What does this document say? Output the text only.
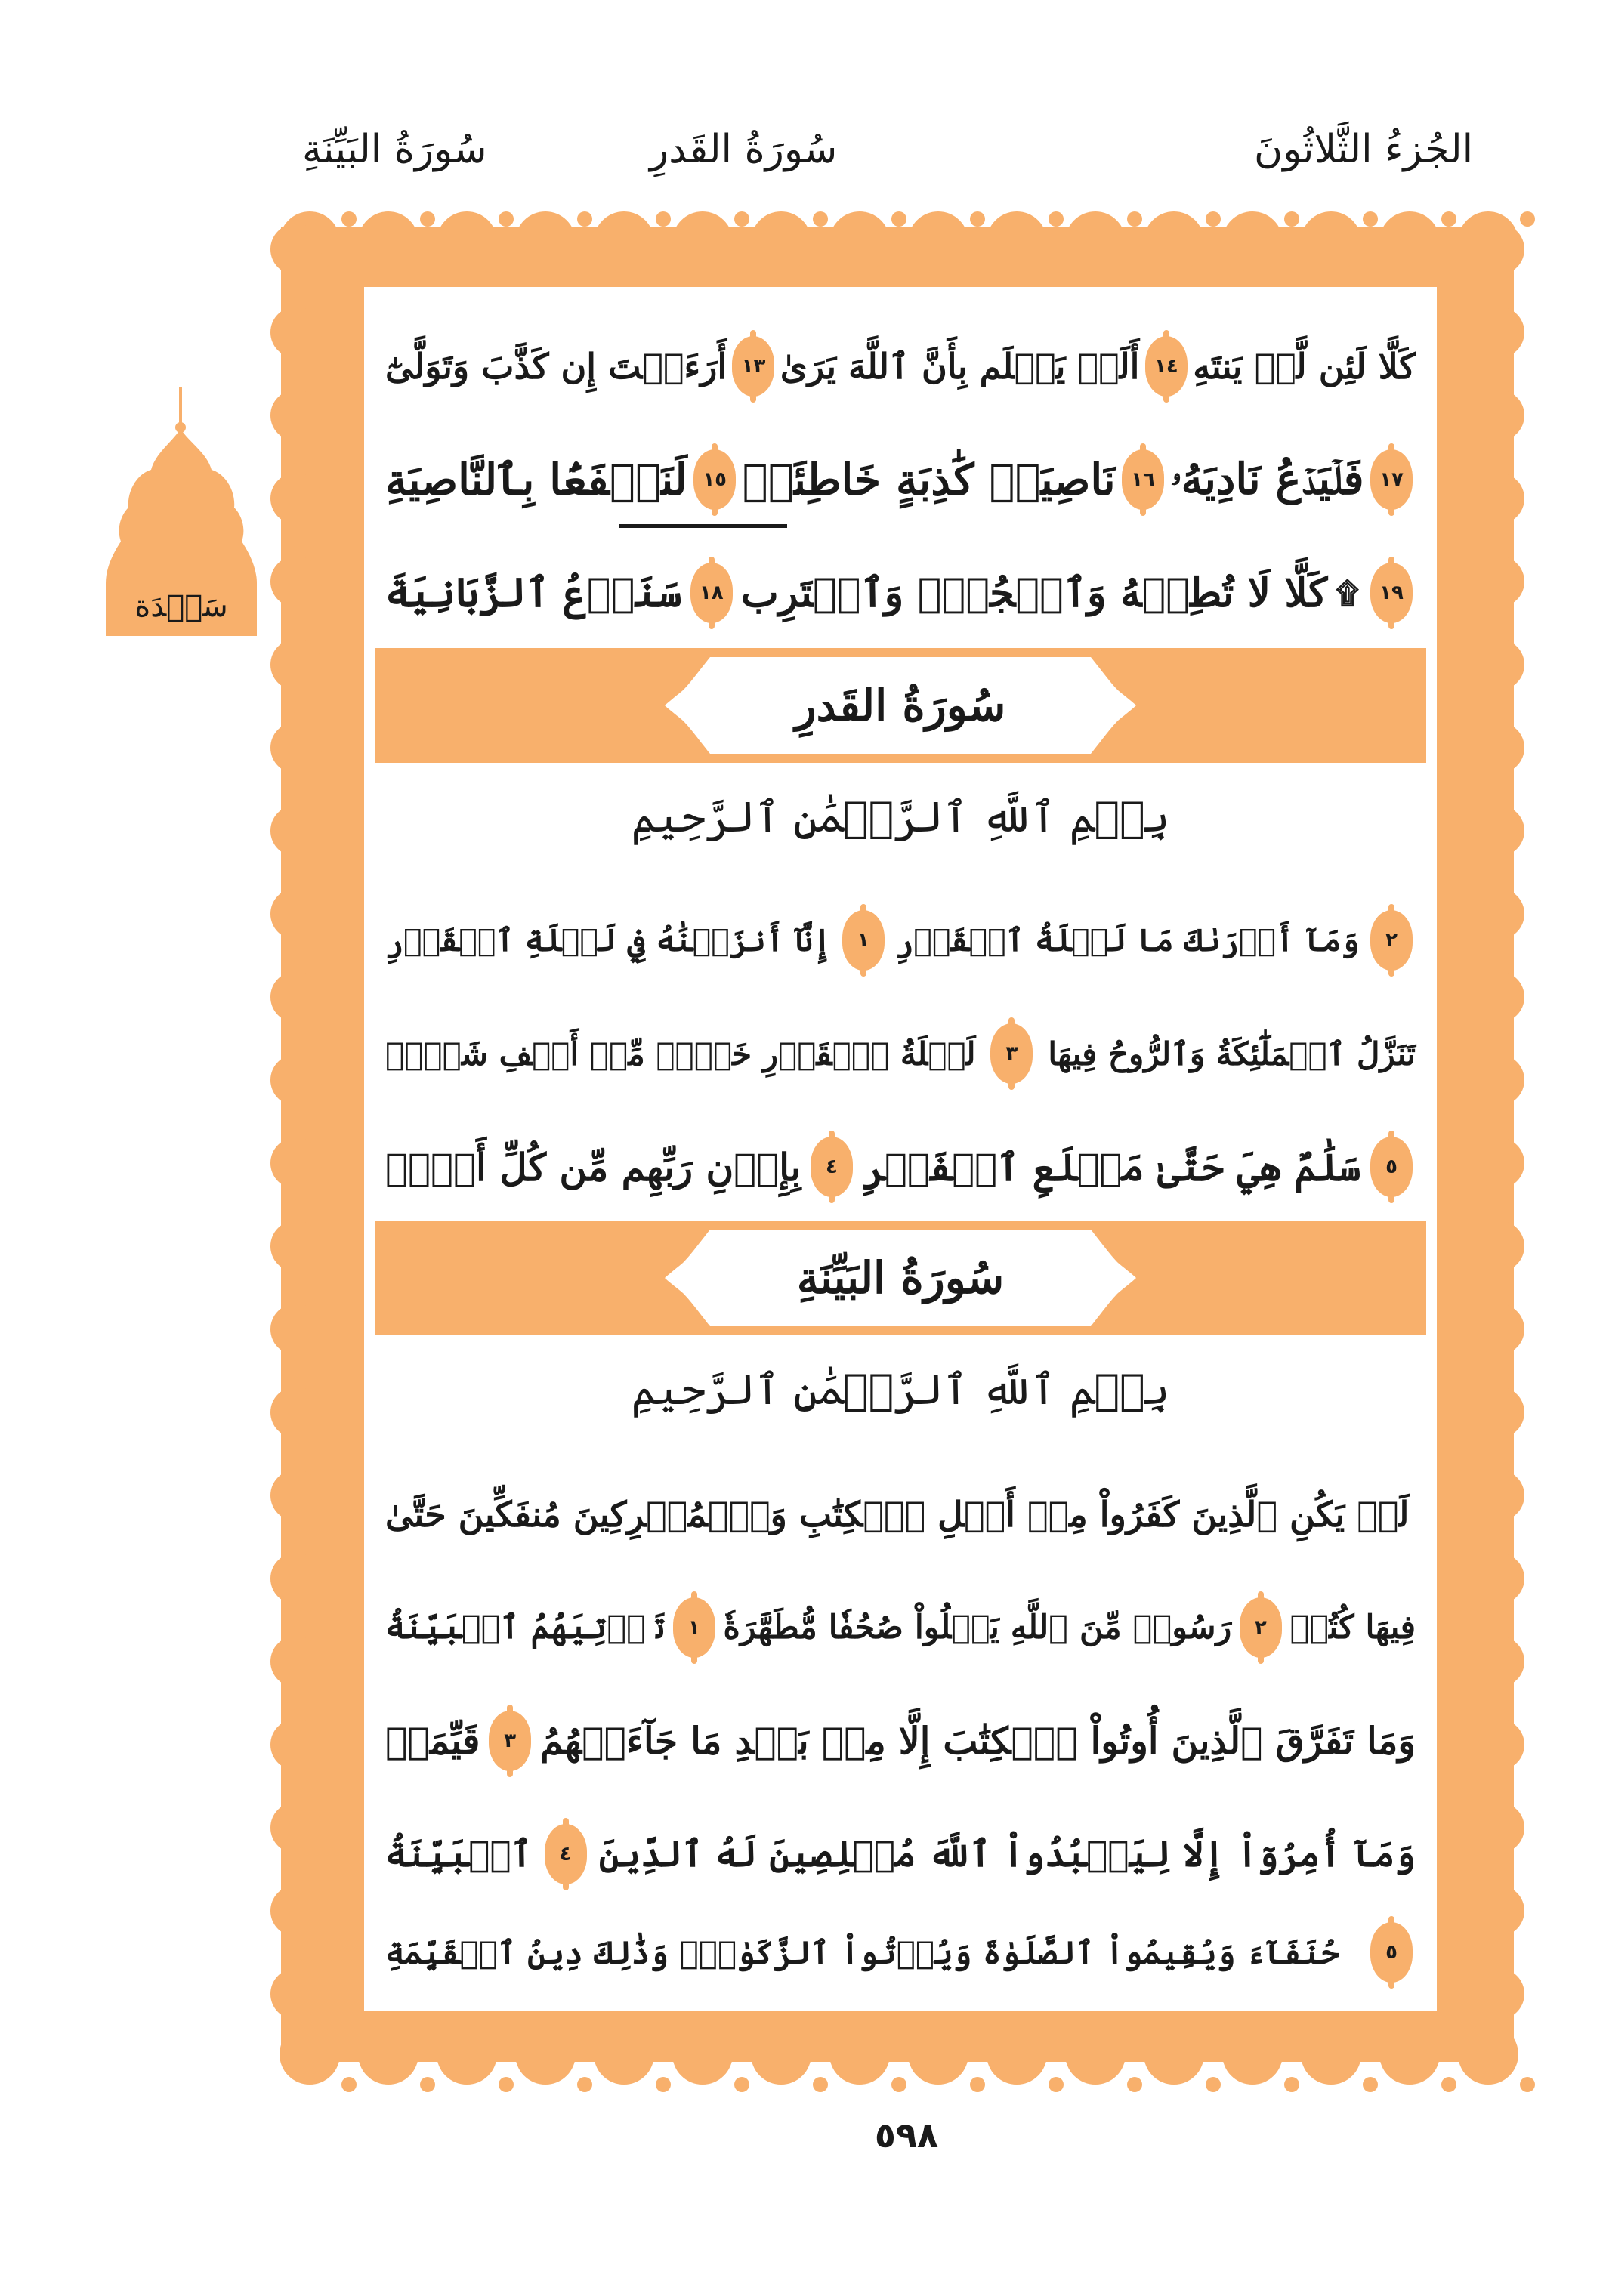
الجُزءُ الثَّلاثُونَ
سُورَةُ القَدرِ
سُورَةُ البَيِّنَةِ
سَجۡدَة
أَرَءَيۡتَ إِن كَذَّبَ وَتَوَلَّىٰٓ ١٣ أَلَمۡ يَعۡلَم بِأَنَّ ٱللَّهَ يَرَىٰ ١٤ كَلَّا لَئِن لَّمۡ يَنتَهِ
لَنَسۡفَعَۢا بِٱلنَّاصِيَةِ ١٥ نَاصِيَةٖ كَٰذِبَةٍ خَاطِئَةٖ ١٦ فَلۡيَدۡعُ نَادِيَهُۥ ١٧
سَنَدۡعُ ٱلزَّبَانِيَةَ ١٨ كَلَّا لَا تُطِعۡهُ وَٱسۡجُدۡۤ وَٱقۡتَرِب ۩	١٩
سُورَةُ القَدرِ
بِسۡمِ ٱللَّهِ ٱلرَّحۡمَٰنِ ٱلرَّحِيمِ
إِنَّآ أَنزَلۡنَٰهُ فِي لَيۡلَةِ ٱلۡقَدۡرِ	١ وَمَآ أَدۡرَىٰكَ مَا لَيۡلَةُ ٱلۡقَدۡرِ	٢
لَيۡلَةُ ٱلۡقَدۡرِ خَيۡرٞ مِّنۡ أَلۡفِ شَهۡرٖ	٣ تَنَزَّلُ ٱلۡمَلَٰٓئِكَةُ وَٱلرُّوحُ فِيهَا
بِإِذۡنِ رَبِّهِم مِّن كُلِّ أَمۡرٖ	٤ سَلَٰمٌ هِيَ حَتَّىٰ مَطۡلَعِ ٱلۡفَجۡرِ	٥
سُورَةُ البَيِّنَةِ
بِسۡمِ ٱللَّهِ ٱلرَّحۡمَٰنِ ٱلرَّحِيمِ
لَمۡ يَكُنِ ٱلَّذِينَ كَفَرُواْ مِنۡ أَهۡلِ ٱلۡكِتَٰبِ وَٱلۡمُشۡرِكِينَ مُنفَكِّينَ حَتَّىٰ
تَأۡتِيَهُمُ ٱلۡبَيِّنَةُ	١ رَسُولٞ مِّنَ ٱللَّهِ يَتۡلُواْ صُحُفٗا مُّطَهَّرَةٗ	٢ فِيهَا كُتُبٞ
قَيِّمَةٞ	٣ وَمَا تَفَرَّقَ ٱلَّذِينَ أُوتُواْ ٱلۡكِتَٰبَ إِلَّا مِنۢ بَعۡدِ مَا جَآءَتۡهُمُ
ٱلۡبَيِّنَةُ	٤ وَمَآ أُمِرُوٓاْ إِلَّا لِيَعۡبُدُواْ ٱللَّهَ مُخۡلِصِينَ لَهُ ٱلدِّينَ
حُنَفَآءَ وَيُقِيمُواْ ٱلصَّلَوٰةَ وَيُؤۡتُواْ ٱلزَّكَوٰةَۚ وَذَٰلِكَ دِينُ ٱلۡقَيِّمَةِ	٥
٥٩٨
